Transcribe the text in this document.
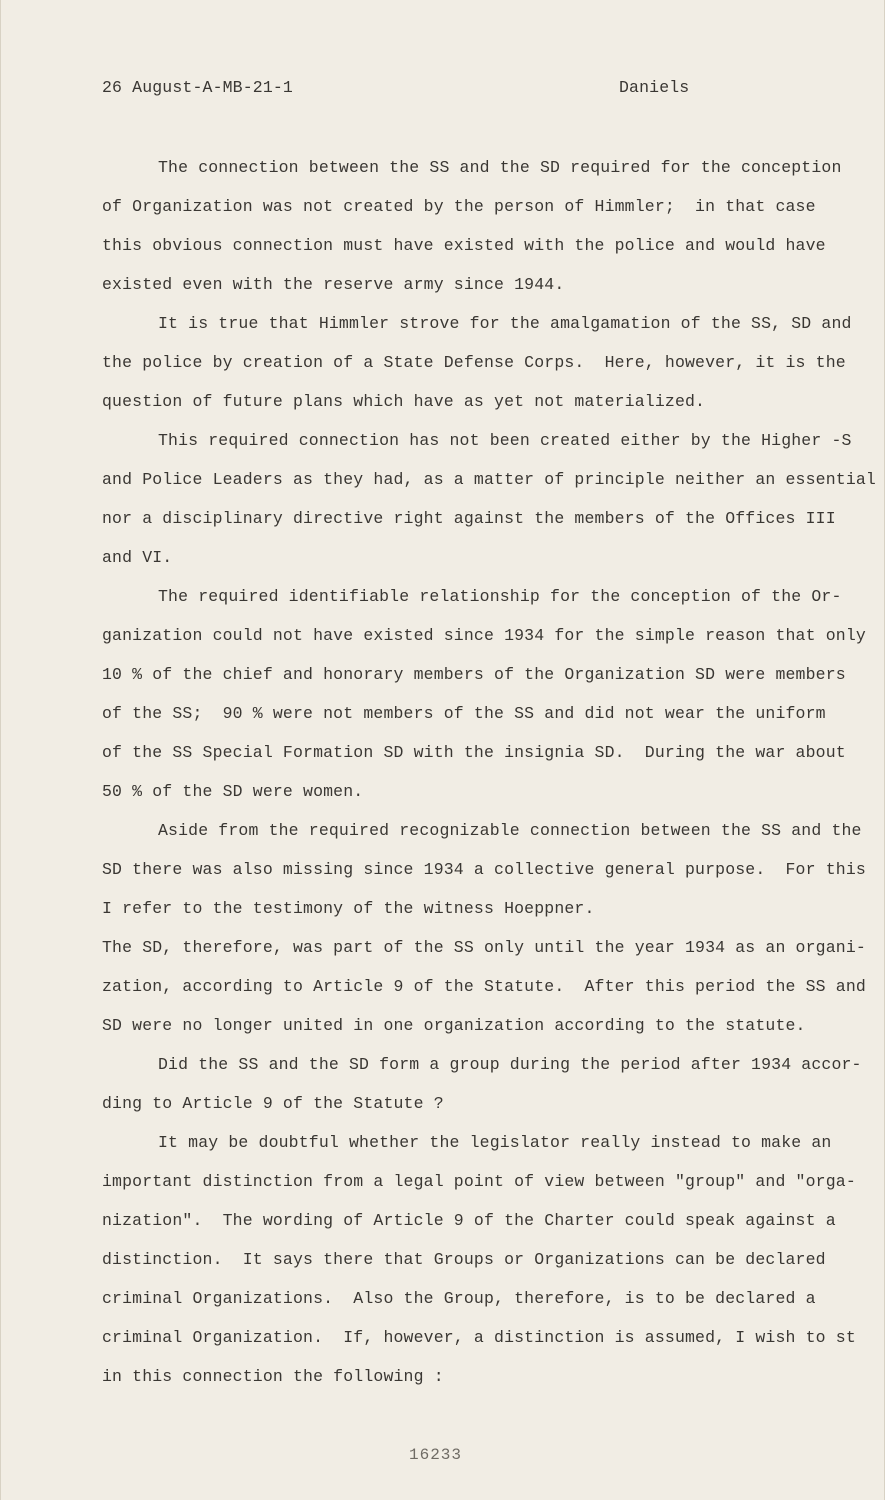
26 August-A-MB-21-1	Daniels
The connection between the SS and the SD required for the conception
of Organization was not created by the person of Himmler;  in that case
this obvious connection must have existed with the police and would have
existed even with the reserve army since 1944.
It is true that Himmler strove for the amalgamation of the SS, SD and
the police by creation of a State Defense Corps.  Here, however, it is the
question of future plans which have as yet not materialized.
This required connection has not been created either by the Higher -S
and Police Leaders as they had, as a matter of principle neither an essential
nor a disciplinary directive right against the members of the Offices III
and VI.
The required identifiable relationship for the conception of the Or-
ganization could not have existed since 1934 for the simple reason that only
10 % of the chief and honorary members of the Organization SD were members
of the SS;  90 % were not members of the SS and did not wear the uniform
of the SS Special Formation SD with the insignia SD.  During the war about
50 % of the SD were women.
Aside from the required recognizable connection between the SS and the
SD there was also missing since 1934 a collective general purpose.  For this
I refer to the testimony of the witness Hoeppner.
The SD, therefore, was part of the SS only until the year 1934 as an organi-
zation, according to Article 9 of the Statute.  After this period the SS and
SD were no longer united in one organization according to the statute.
Did the SS and the SD form a group during the period after 1934 accor-
ding to Article 9 of the Statute ?
It may be doubtful whether the legislator really instead to make an
important distinction from a legal point of view between "group" and "orga-
nization".  The wording of Article 9 of the Charter could speak against a
distinction.  It says there that Groups or Organizations can be declared
criminal Organizations.  Also the Group, therefore, is to be declared a
criminal Organization.  If, however, a distinction is assumed, I wish to st
in this connection the following :
16233
